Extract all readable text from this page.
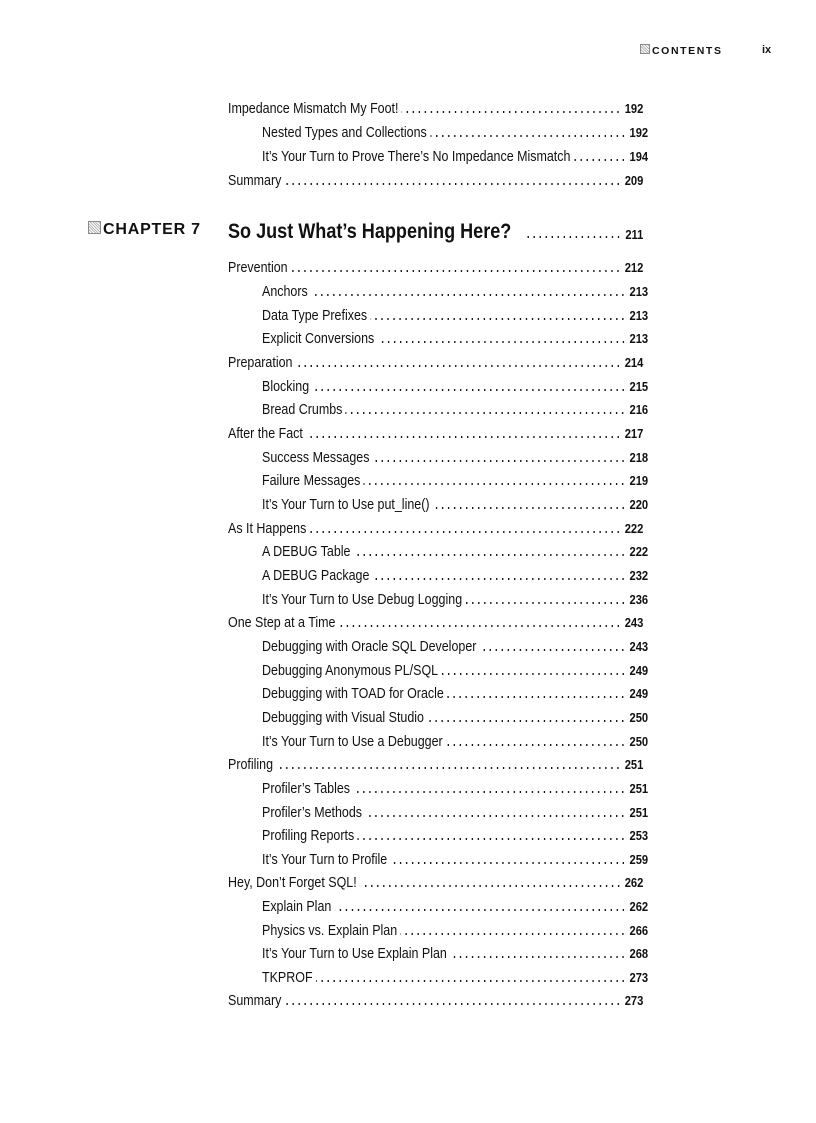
CONTENTS	ix
Impedance Mismatch My Foot!	192
Nested Types and Collections	192
It’s Your Turn to Prove There’s No Impedance Mismatch	194
Summary	209
CHAPTER 7 So Just What’s Happening Here?	211
Prevention	212
Anchors	213
Data Type Prefixes	213
Explicit Conversions	213
Preparation	214
Blocking	215
Bread Crumbs	216
After the Fact	217
Success Messages	218
Failure Messages	219
It’s Your Turn to Use put_line()	220
As It Happens	222
A DEBUG Table	222
A DEBUG Package	232
It’s Your Turn to Use Debug Logging	236
One Step at a Time	243
Debugging with Oracle SQL Developer	243
Debugging Anonymous PL/SQL	249
Debugging with TOAD for Oracle	249
Debugging with Visual Studio	250
It’s Your Turn to Use a Debugger	250
Profiling	251
Profiler’s Tables	251
Profiler’s Methods	251
Profiling Reports	253
It’s Your Turn to Profile	259
Hey, Don’t Forget SQL!	262
Explain Plan	262
Physics vs. Explain Plan	266
It’s Your Turn to Use Explain Plan	268
TKPROF	273
Summary	273
